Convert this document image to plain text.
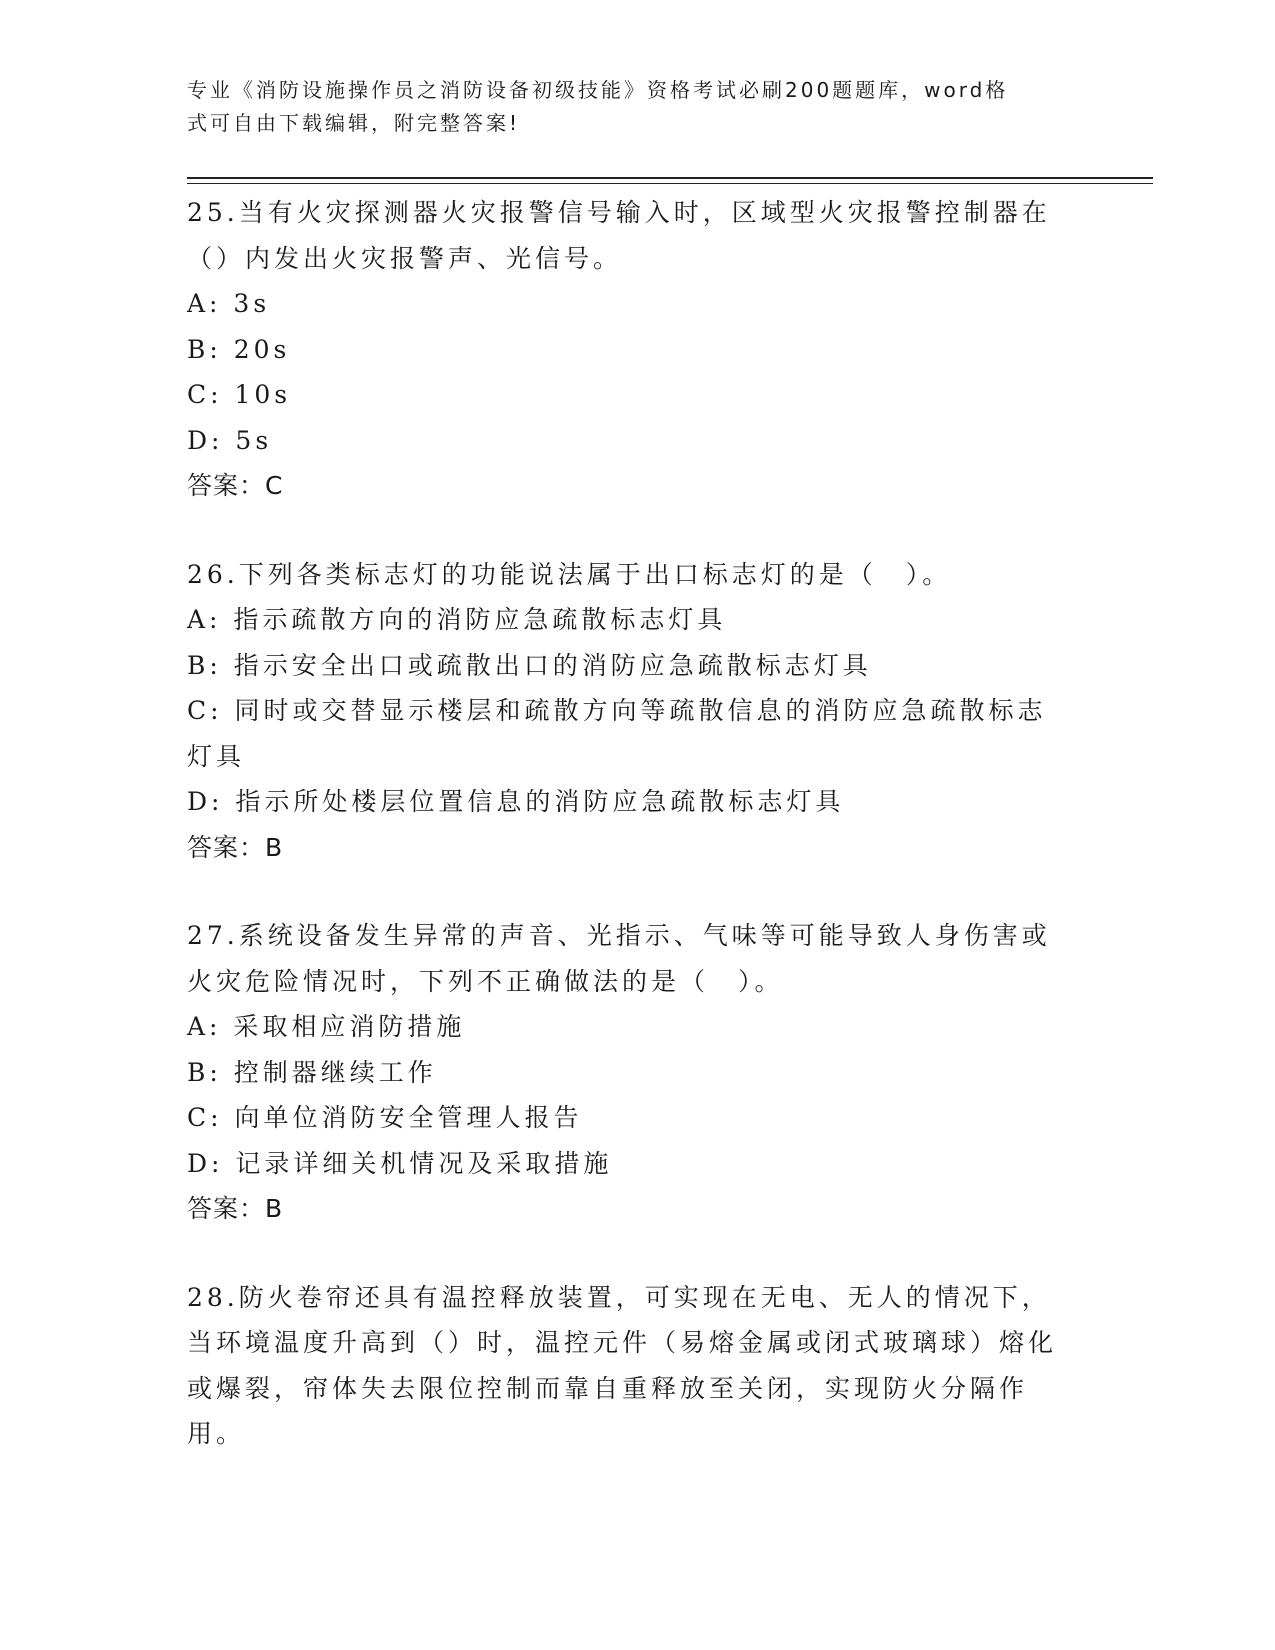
专业《消防设施操作员之消防设备初级技能》资格考试必刷200题题库，word格
式可自由下载编辑，附完整答案!

25.当有火灾探测器火灾报警信号输入时，区域型火灾报警控制器在（）内发出火灾报警声、光信号。

A: 3s

B: 20s

C: 10s

D: 5s

答案：C

26.下列各类标志灯的功能说法属于出口标志灯的是（　）。

A: 指示疏散方向的消防应急疏散标志灯具

B: 指示安全出口或疏散出口的消防应急疏散标志灯具

C: 同时或交替显示楼层和疏散方向等疏散信息的消防应急疏散标志灯具

D: 指示所处楼层位置信息的消防应急疏散标志灯具

答案：B

27.系统设备发生异常的声音、光指示、气味等可能导致人身伤害或火灾危险情况时，下列不正确做法的是（　）。

A: 采取相应消防措施

B: 控制器继续工作

C: 向单位消防安全管理人报告

D: 记录详细关机情况及采取措施

答案：B

28.防火卷帘还具有温控释放装置，可实现在无电、无人的情况下，当环境温度升高到（）时，温控元件（易熔金属或闭式玻璃球）熔化或爆裂，帘体失去限位控制而靠自重释放至关闭，实现防火分隔作用。
